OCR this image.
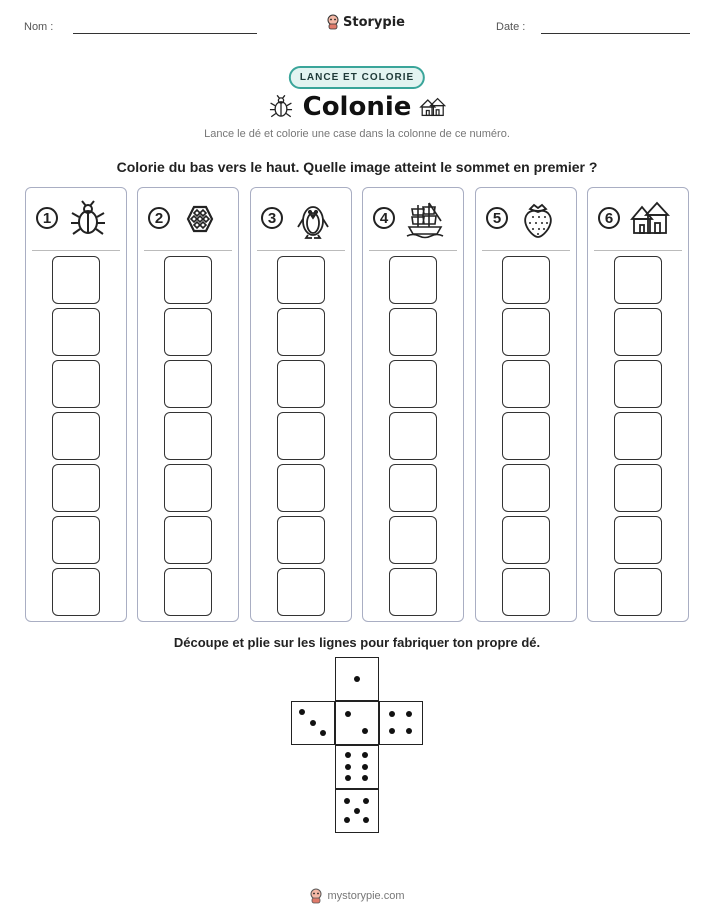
Nom :	Storypie	Date :
LANCE ET COLORIE
Colonie
Lance le dé et colorie une case dans la colonne de ce numéro.
Colorie du bas vers le haut. Quelle image atteint le sommet en premier ?
1	2	3	4	5	6
Découpe et plie sur les lignes pour fabriquer ton propre dé.
mystorypie.com
